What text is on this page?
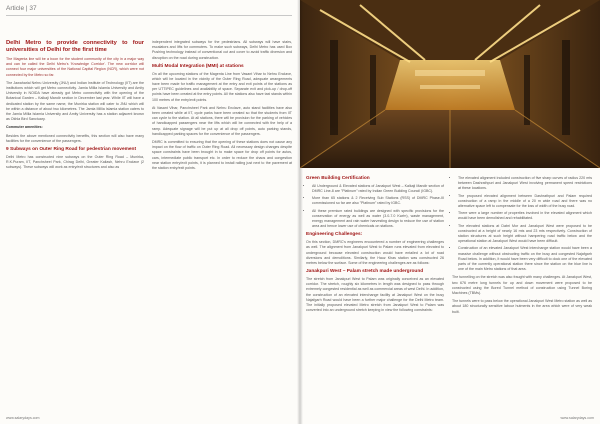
Article | 37
Delhi Metro to provide connectivity to four universities of Delhi for the first time

The Magenta line will be a boon for the student community of the city in a major way and can be called the Delhi Metro's 'Knowledge Corridor'. The new corridor will connect four major universities of the National Capital Region (NCR), which were not connected by the Metro so far.

The Jawaharlal Nehru University (JNU) and Indian Institute of Technology (IIT) are the institutions which will get Metro connectivity. Jamia Millia Islamia University and Amity University in NOIDA have already got Metro connectivity with the opening of the Botanical Garden – Kalkaji Mandir section in December last year. While IIT will have a dedicated station by the same name, the Munirka station will cater to JNU which will be within a distance of about two kilometres. The Jamia Millia Islamia station caters to the Jamia Millia Islamia University and Amity University has a station adjacent known as Okhla Bird Sanctuary.

Commuter amenities:

Besides the above mentioned connectivity benefits, this section will also have many facilities for the convenience of the passengers.

9 Subways on Outer Ring Road for pedestrian movement

Delhi Metro has constructed nine subways on the Outer Ring Road – Munirka, R.K.Puram, IIT, Panchsheel Park, Chirag Delhi, Greater Kailash, Nehru Enclave (2 subways). These subways will work as entry/exit structures and also as

independent integrated subways for the pedestrians. All subways will have stairs, escalators and lifts for commuters. To make such subways, Delhi Metro has used Box Pushing technology instead of conventional cut and cover to avoid traffic diversion and disruption on the road during construction.

Multi Modal Integration (MMI) at stations

On all the upcoming stations of the Magenta Line from Vasant Vihar to Nehru Enclave, which will be located in the vicinity of the Outer Ring Road, adequate arrangements have been made for traffic management at the entry and exit points of the stations as per UTTIPEC guidelines and availability of space. Separate exit and pick-up / drop-off points have been created at the entry points. All the stations also have taxi stands within 100 metres of the entry/exit points.

At Vasant Vihar, Panchsheel Park and Nehru Enclave, auto stand facilities have also been created while at IIT, cycle parks have been created so that the students from IIT can cycle to the station. At all stations, there will be provision for the parking of vehicles of handicapped passengers near the lifts which will be connected with the help of a ramp. Adequate signage will be put up at all drop off points, auto parking stands, handicapped parking spaces for the convenience of the passengers.

DMRC is committed to ensuring that the opening of these stations does not cause any impact on the flow of traffic on Outer Ring Road. All necessary design changes despite space constraints have been brought in to make space for drop off points for autos, cars, intermediate public transport etc. In order to reduce the chaos and congestion near station entry/exit points, it is planned to install railing just next to the pavement at the station entry/exit points.

www.salarydays.com
Green Building Certification
• All Underground & Elevated stations of Janakpuri West – Kalkaji Mandir section of DMRC Line-8 are "Platinum" rated by Indian Green Building Council (IGBC).
• More than 65 stations & 2 Receiving Sub Stations (RSS) of DMRC Phase-III commissioned so far are also "Platinum" rated by IGBC.
• All these premium rated buildings are designed with specific provisions for the conservation of energy as well as water (3.0-7.0 Kw/m), waste management, energy management and rain water harvesting design to reduce the use of station area and hence lower use of chemicals on stations.
Engineering Challenges:

On this section, DMRC's engineers encountered a number of engineering challenges as well. The alignment from Janakpuri West to Palam runs elevated from elevated to underground because elevated construction would have entailed a lot of road diversions and demolitions. Similarly, the Hauz Khas station was constructed 26 metres below the surface. Some of the engineering challenges are as follows:

Janakpuri West – Palam stretch made underground

The stretch from Janakpuri West to Palam was originally conceived as an elevated corridor. The stretch, roughly six kilometres in length was designed to pass through extremely congested residential as well as commercial areas of west Delhi. In addition, the construction of an elevated interchange facility at Janakpuri West on the busy Najafgarh Road would have been a further major challenge for the Delhi Metro team. The initially proposed elevated Metro stretch from Janakpuri West to Palam was converted into an underground stretch keeping in view the following constraints:

• The elevated alignment included construction of five sharp curves of radius 220 mts between Dashrathpuri and Janakpuri West involving permanent speed restrictions at these locations.
• The proposed elevated alignment between Dashrathpuri and Palam required construction of a ramp in the middle of a 20 m wide road and there was no alternative space left to compensate for the loss of width of the busy road.
• There were a large number of properties involved in the elevated alignment which would have been demolished and rehabilitated.
• The elevated stations at Dabri Mor and Janakpuri West were proposed to be constructed at a height of nearly 16 mts and 23 mts respectively. Construction of station structures at such height without hampering road traffic below and the operational station at Janakpuri West would have been difficult.
• Construction of an elevated Janakpuri West interchange station would have been a massive challenge without obstructing traffic on the busy and congested Najafgarh Road below. In addition, it would have been very difficult to dock one of the elevated parts of the currently operational station there since the station on the blue line is one of the main Metro stations of that area.

The tunnelling on the stretch was also fraught with many challenges. At Janakpuri West, two 676 metre long tunnels for up and down movement were proposed to be constructed using the Bored Tunnel method of construction using Tunnel Boring Machines (TBMs).

The tunnels were to pass below the operational Janakpuri West Metro station as well as about 180 structurally sensitive labour hutments in the area which were of very weak built.

www.salarydays.com
